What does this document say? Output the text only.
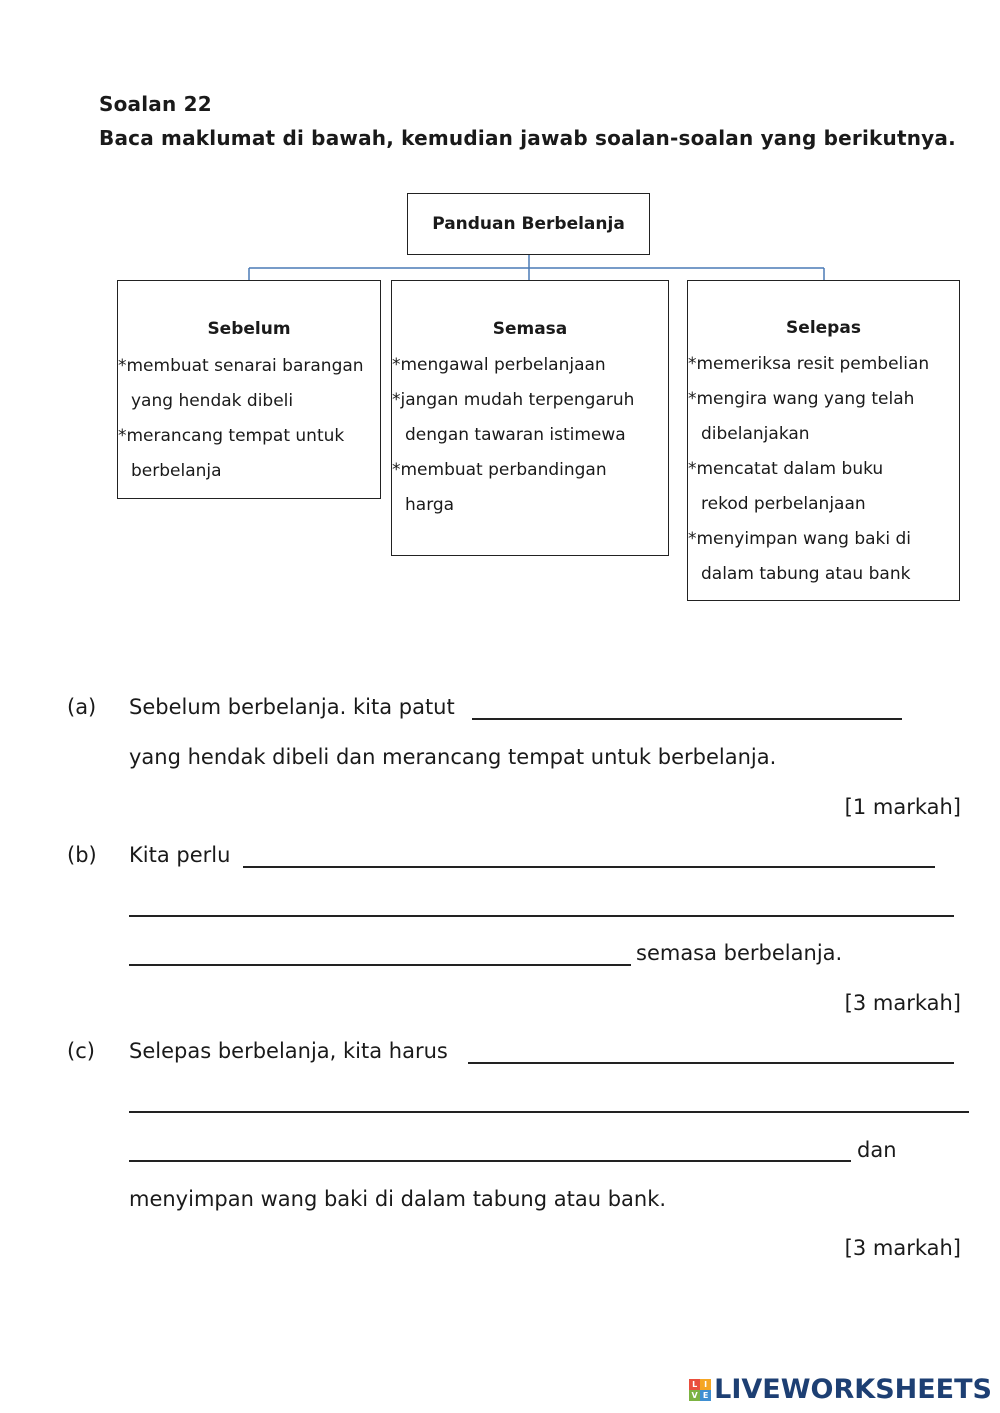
Soalan 22
Baca maklumat di bawah, kemudian jawab soalan-soalan yang berikutnya.
Panduan Berbelanja
Sebelum
*membuat senarai barangan
yang hendak dibeli
*merancang tempat untuk
berbelanja
Semasa
*mengawal perbelanjaan
*jangan mudah terpengaruh
dengan tawaran istimewa
*membuat perbandingan
harga
Selepas
*memeriksa resit pembelian
*mengira wang yang telah
dibelanjakan
*mencatat dalam buku
rekod perbelanjaan
*menyimpan wang baki di
dalam tabung atau bank
(a) Sebelum berbelanja. kita patut
yang hendak dibeli dan merancang tempat untuk berbelanja.
[1 markah]
(b) Kita perlu
semasa berbelanja.
[3 markah]
(c) Selepas berbelanja, kita harus
dan
menyimpan wang baki di dalam tabung atau bank.
[3 markah]
L I
V E LIVEWORKSHEETS
